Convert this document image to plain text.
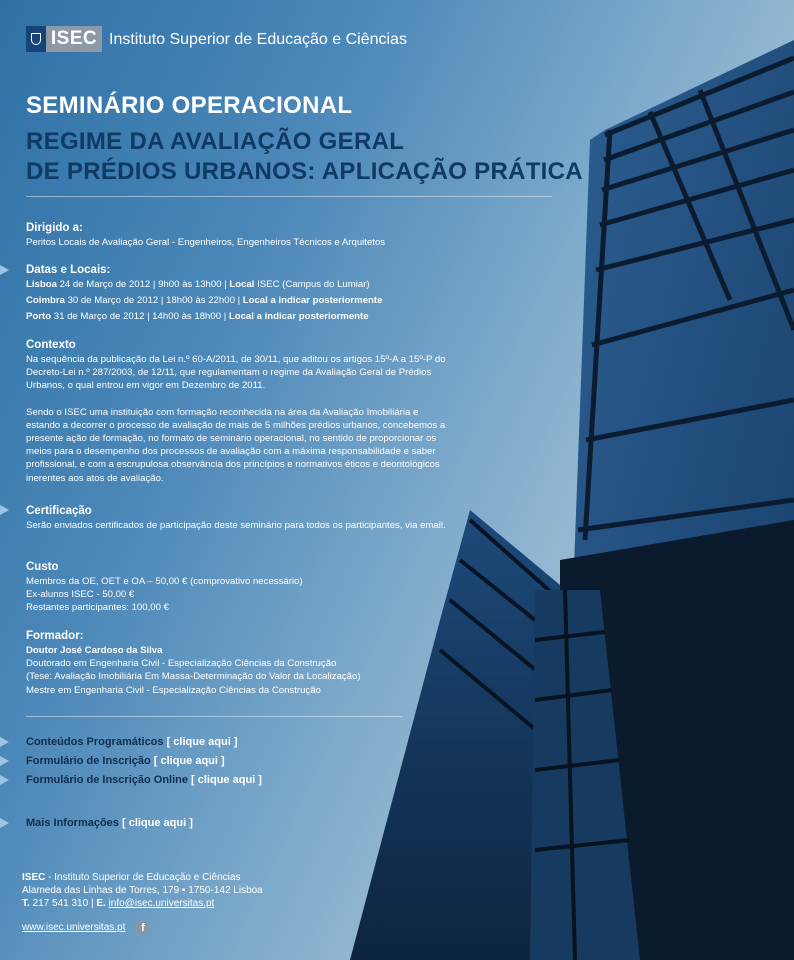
ISEC Instituto Superior de Educação e Ciências
SEMINÁRIO OPERACIONAL
REGIME DA AVALIAÇÃO GERAL
DE PRÉDIOS URBANOS: APLICAÇÃO PRÁTICA
Dirigido a:

Peritos Locais de Avaliação Geral - Engenheiros, Engenheiros Técnicos e Arquitetos

Datas e Locais:

Lisboa 24 de Março de 2012 | 9h00 às 13h00 | Local ISEC (Campus do Lumiar)

Coimbra 30 de Março de 2012 | 18h00 às 22h00 | Local a indicar posteriormente

Porto 31 de Março de 2012 | 14h00 às 18h00 | Local a indicar posteriormente

Contexto

Na sequência da publicação da Lei n.º 60-A/2011, de 30/11, que aditou os artigos 15º-A a 15º-P do Decreto-Lei n.º 287/2003, de 12/11, que regulamentam o regime da Avaliação Geral de Prédios Urbanos, o qual entrou em vigor em Dezembro de 2011.

Sendo o ISEC uma instituição com formação reconhecida na área da Avaliação Imobiliária e estando a decorrer o processo de avaliação de mais de 5 milhões prédios urbanos, concebemos a presente ação de formação, no formato de seminário operacional, no sentido de proporcionar os meios para o desempenho dos processos de avaliação com a máxima responsabilidade e saber profissional, e com a escrupulosa observância dos princípios e normativos éticos e deontológicos inerentes aos atos de avaliação.

Certificação

Serão enviados certificados de participação deste seminário para todos os participantes, via email.

Custo

Membros da OE, OET e OA – 50,00 € (comprovativo necessário)

Ex-alunos ISEC - 50,00 €

Restantes participantes: 100,00 €

Formador:

Doutor José Cardoso da Silva

Doutorado em Engenharia Civil - Especialização Ciências da Construção

(Tese: Avaliação Imobiliária Em Massa-Determinação do Valor da Localização)

Mestre em Engenharia Civil - Especialização Ciências da Construção

Conteúdos Programáticos [ clique aqui ]
Formulário de Inscrição [ clique aqui ]
Formulário de Inscrição Online [ clique aqui ]
Mais Informações [ clique aqui ]
ISEC - Instituto Superior de Educação e Ciências
Alameda das Linhas de Torres, 179 ▪ 1750-142 Lisboa
T. 217 541 310 | E. info@isec.universitas.pt
www.isec.universitas.pt	f
